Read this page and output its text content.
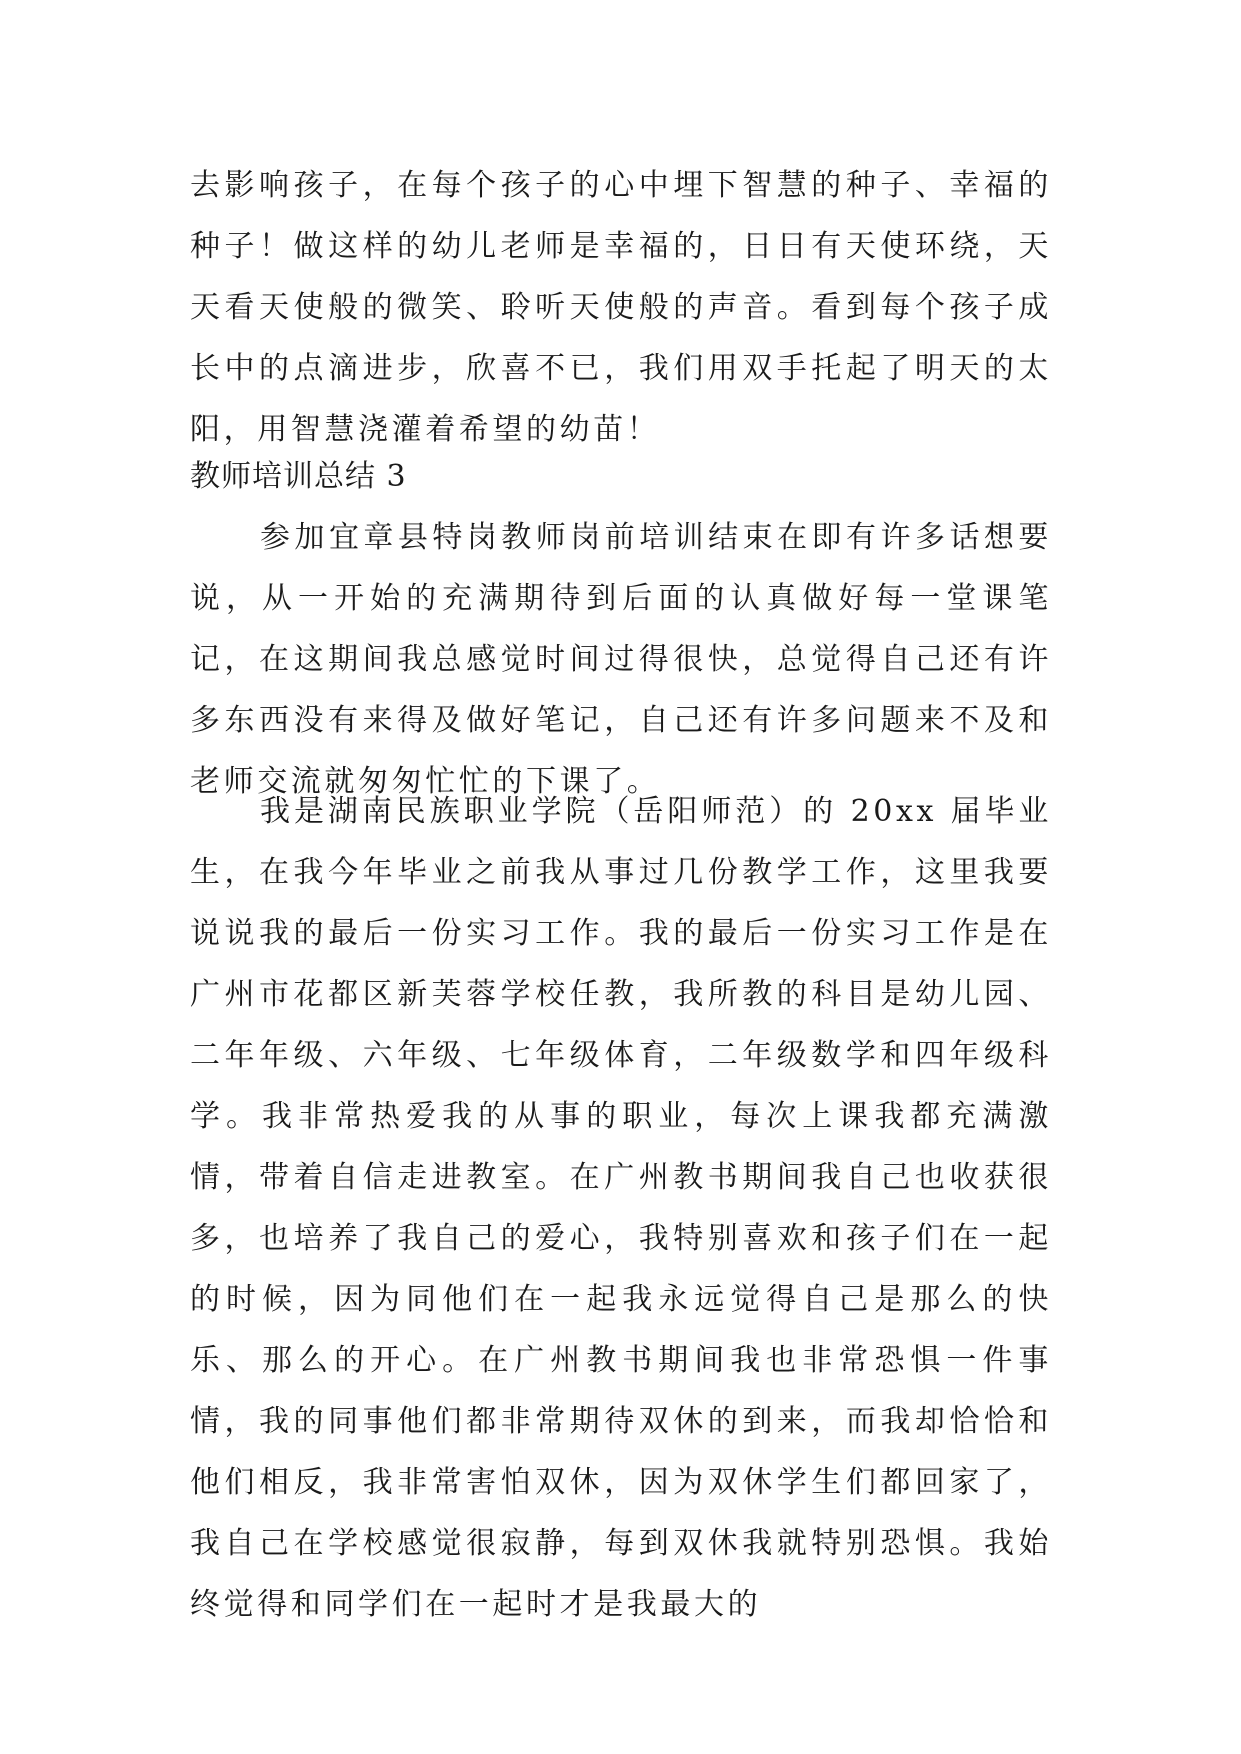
去影响孩子，在每个孩子的心中埋下智慧的种子、幸福的种子！做这样的幼儿老师是幸福的，日日有天使环绕，天天看天使般的微笑、聆听天使般的声音。看到每个孩子成长中的点滴进步，欣喜不已，我们用双手托起了明天的太阳，用智慧浇灌着希望的幼苗！
教师培训总结 3
参加宜章县特岗教师岗前培训结束在即有许多话想要说，从一开始的充满期待到后面的认真做好每一堂课笔记，在这期间我总感觉时间过得很快，总觉得自己还有许多东西没有来得及做好笔记，自己还有许多问题来不及和老师交流就匆匆忙忙的下课了。
我是湖南民族职业学院（岳阳师范）的 20xx 届毕业生，在我今年毕业之前我从事过几份教学工作，这里我要说说我的最后一份实习工作。我的最后一份实习工作是在广州市花都区新芙蓉学校任教，我所教的科目是幼儿园、二年年级、六年级、七年级体育，二年级数学和四年级科学。我非常热爱我的从事的职业，每次上课我都充满激情，带着自信走进教室。在广州教书期间我自己也收获很多，也培养了我自己的爱心，我特别喜欢和孩子们在一起的时候，因为同他们在一起我永远觉得自己是那么的快乐、那么的开心。在广州教书期间我也非常恐惧一件事情，我的同事他们都非常期待双休的到来，而我却恰恰和他们相反，我非常害怕双休，因为双休学生们都回家了，我自己在学校感觉很寂静，每到双休我就特别恐惧。我始终觉得和同学们在一起时才是我最大的
